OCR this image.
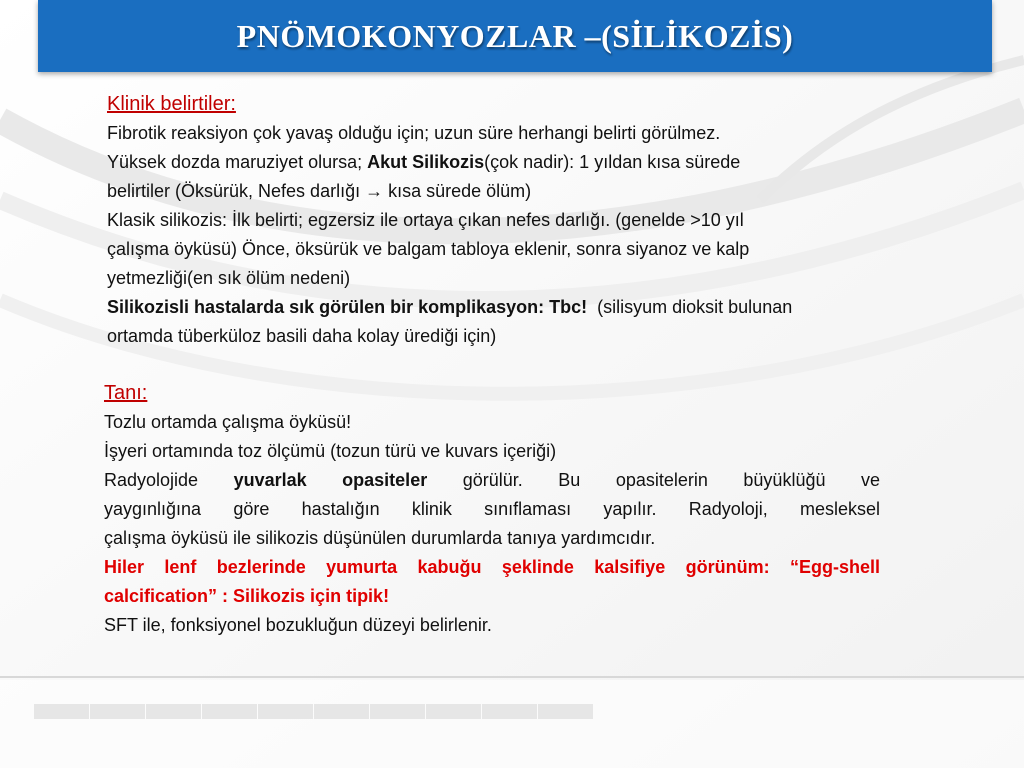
PNÖMOKONYOZLAR –(SİLİKOZİS)

Klinik belirtiler:

Fibrotik reaksiyon çok yavaş olduğu için; uzun süre herhangi belirti görülmez.

Yüksek dozda maruziyet olursa; Akut Silikozis(çok nadir): 1 yıldan kısa sürede

belirtiler (Öksürük, Nefes darlığı → kısa sürede ölüm)

Klasik silikozis: İlk belirti; egzersiz ile ortaya çıkan nefes darlığı. (genelde >10 yıl

çalışma öyküsü) Önce, öksürük ve balgam tabloya eklenir, sonra siyanoz ve kalp

yetmezliği(en sık ölüm nedeni)

Silikozisli hastalarda sık görülen bir komplikasyon: Tbc!  (silisyum dioksit bulunan

ortamda tüberküloz basili daha kolay ürediği için)

Tanı:

Tozlu ortamda çalışma öyküsü!

İşyeri ortamında toz ölçümü (tozun türü ve kuvars içeriği)

Radyolojide yuvarlak opasiteler görülür. Bu opasitelerin büyüklüğü ve

yaygınlığına göre hastalığın klinik sınıflaması yapılır. Radyoloji, mesleksel

çalışma öyküsü ile silikozis düşünülen durumlarda tanıya yardımcıdır.

Hiler lenf bezlerinde yumurta kabuğu şeklinde kalsifiye görünüm: “Egg-shell

calcification” : Silikozis için tipik!

SFT ile, fonksiyonel bozukluğun düzeyi belirlenir.
